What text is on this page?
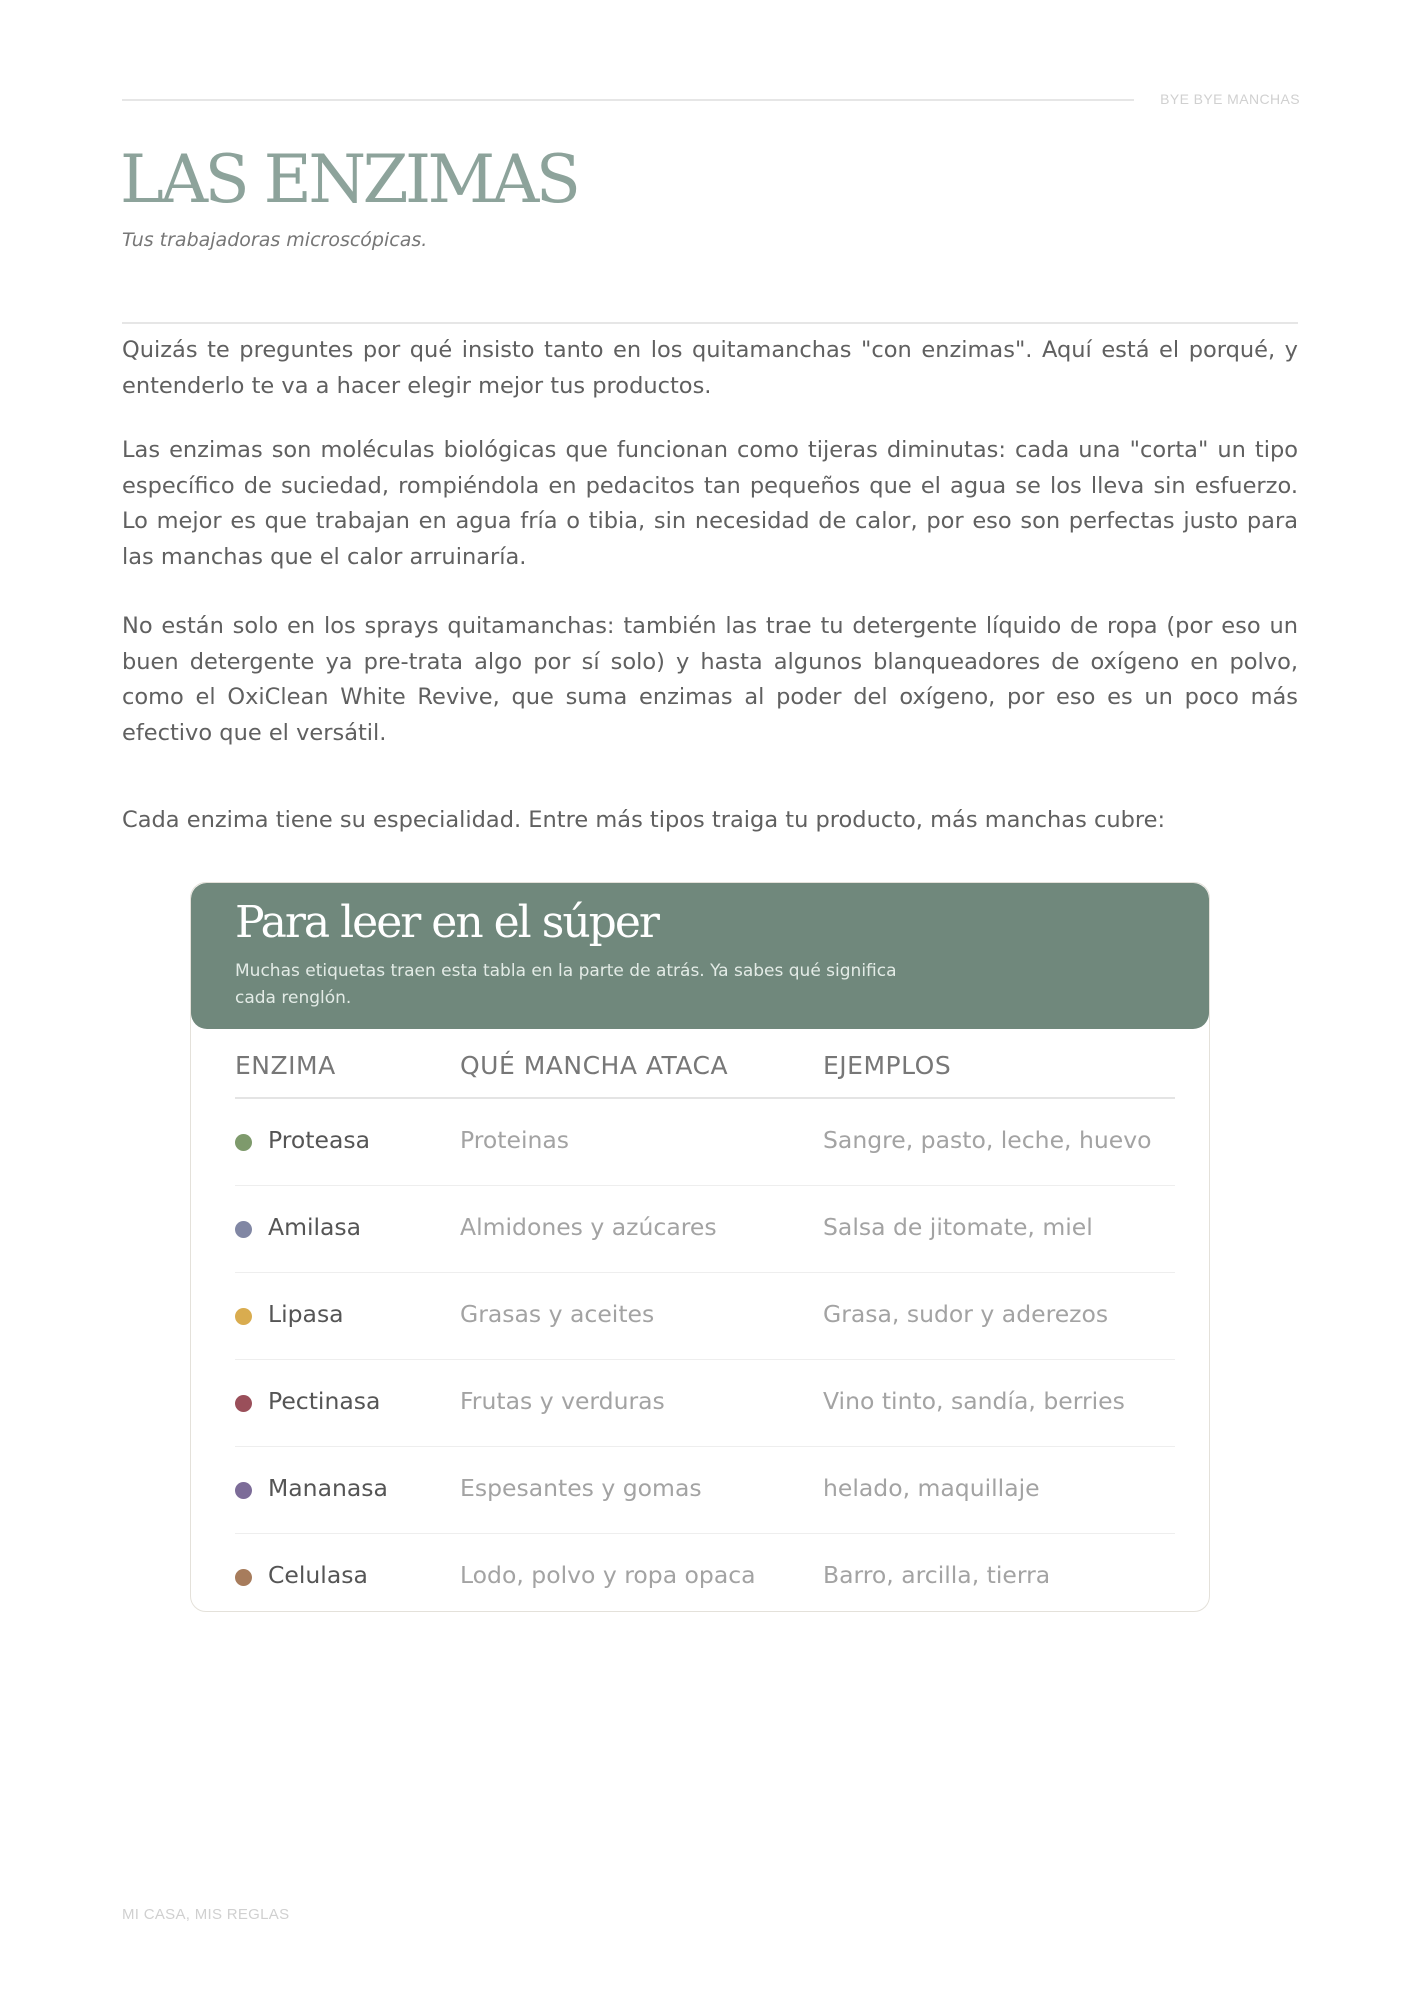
BYE BYE MANCHAS
LAS ENZIMAS
Tus trabajadoras microscópicas.

Quizás te preguntes por qué insisto tanto en los quitamanchas "con enzimas". Aquí está el porqué, y entenderlo te va a hacer elegir mejor tus productos.

Las enzimas son moléculas biológicas que funcionan como tijeras diminutas: cada una "corta" un tipo específico de suciedad, rompiéndola en pedacitos tan pequeños que el agua se los lleva sin esfuerzo. Lo mejor es que trabajan en agua fría o tibia, sin necesidad de calor, por eso son perfectas justo para las manchas que el calor arruinaría.

No están solo en los sprays quitamanchas: también las trae tu detergente líquido de ropa (por eso un buen detergente ya pre-trata algo por sí solo) y hasta algunos blanqueadores de oxígeno en polvo, como el OxiClean White Revive, que suma enzimas al poder del oxígeno, por eso es un poco más efectivo que el versátil.

Cada enzima tiene su especialidad. Entre más tipos traiga tu producto, más manchas cubre:

Para leer en el súper

Muchas etiquetas traen esta tabla en la parte de atrás. Ya sabes qué significa cada renglón.

ENZIMA	QUÉ MANCHA ATACA	EJEMPLOS
Proteasa	Proteinas	Sangre, pasto, leche, huevo
Amilasa	Almidones y azúcares	Salsa de jitomate, miel
Lipasa	Grasas y aceites	Grasa, sudor y aderezos
Pectinasa	Frutas y verduras	Vino tinto, sandía, berries
Mananasa	Espesantes y gomas	helado, maquillaje
Celulasa	Lodo, polvo y ropa opaca	Barro, arcilla, tierra
MI CASA, MIS REGLAS
